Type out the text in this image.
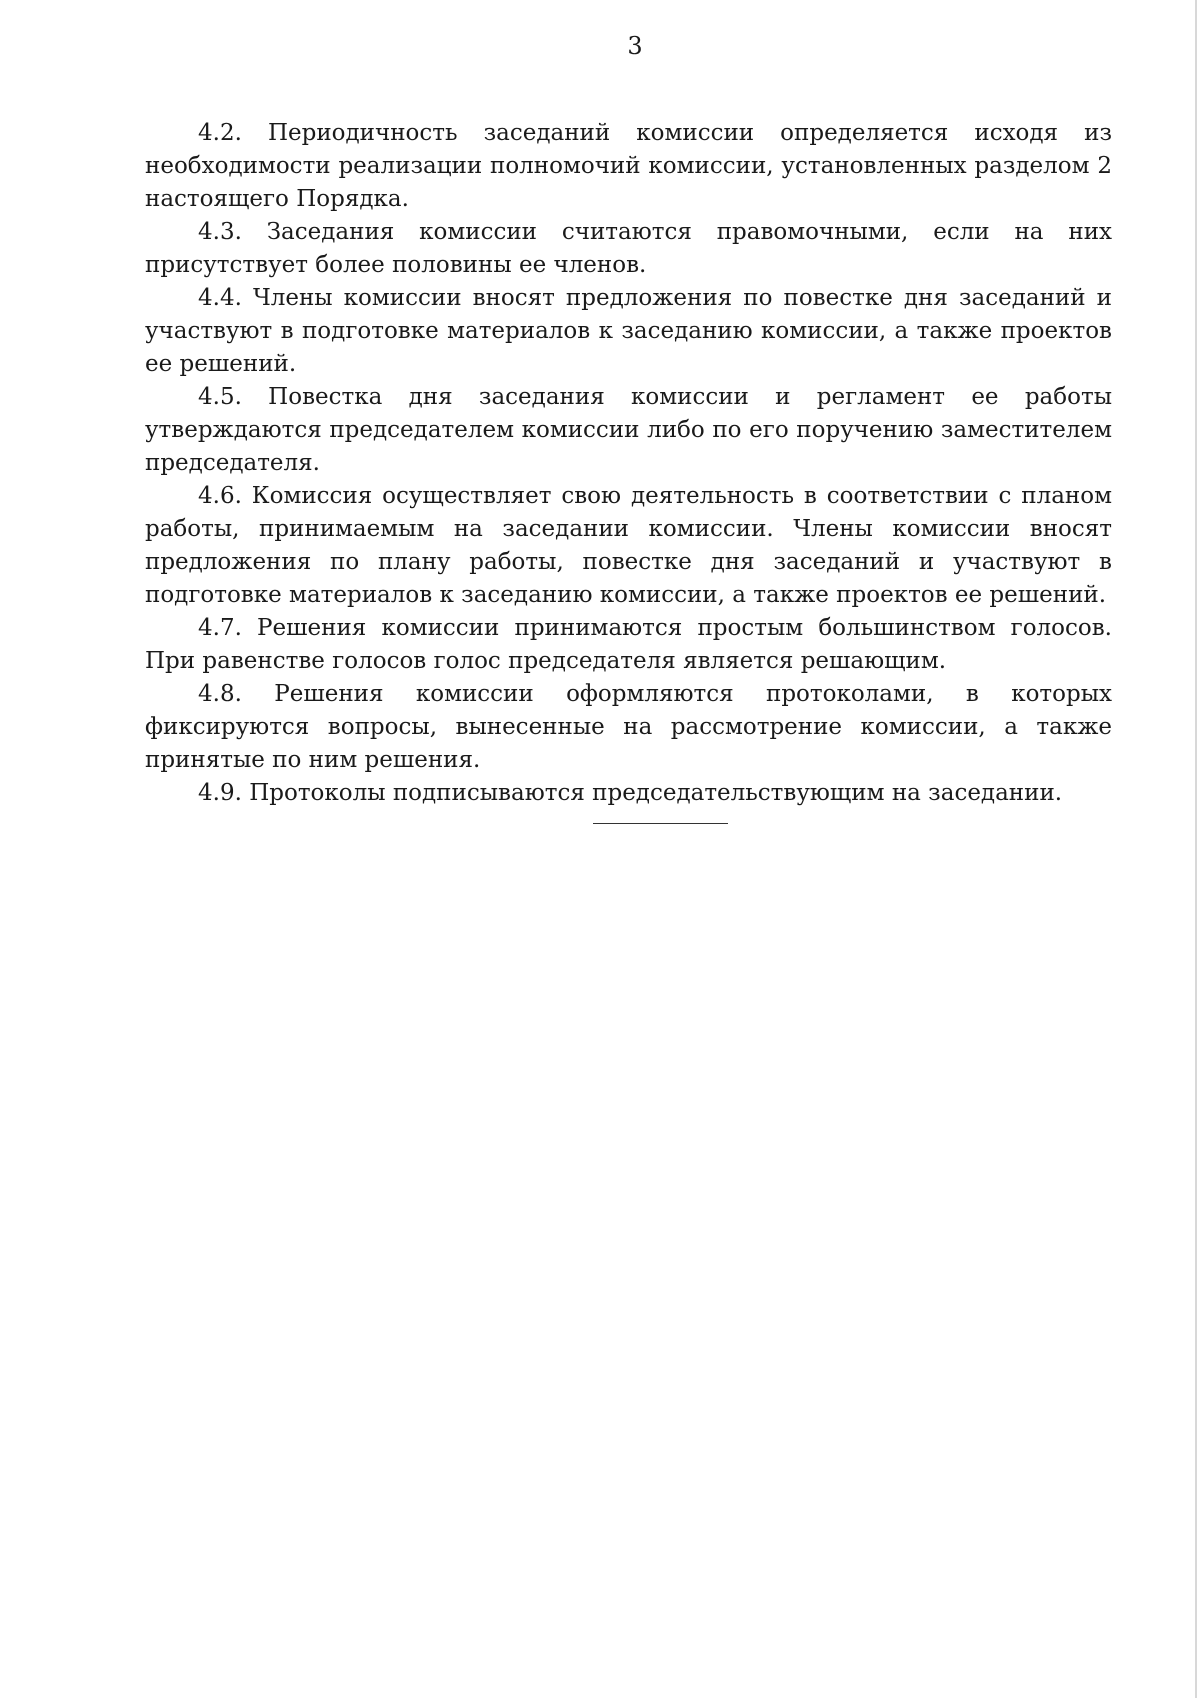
3

4.2. Периодичность заседаний комиссии определяется исходя из необходимости реализации полномочий комиссии, установленных разделом 2 настоящего Порядка.

4.3. Заседания комиссии считаются правомочными, если на них присутствует более половины ее членов.

4.4. Члены комиссии вносят предложения по повестке дня заседаний и участвуют в подготовке материалов к заседанию комиссии, а также проектов ее решений.

4.5. Повестка дня заседания комиссии и регламент ее работы утверждаются председателем комиссии либо по его поручению заместителем председателя.

4.6. Комиссия осуществляет свою деятельность в соответствии с планом работы, принимаемым на заседании комиссии. Члены комиссии вносят предложения по плану работы, повестке дня заседаний и участвуют в подготовке материалов к заседанию комиссии, а также проектов ее решений.

4.7. Решения комиссии принимаются простым большинством голосов. При равенстве голосов голос председателя является решающим.

4.8. Решения комиссии оформляются протоколами, в которых фиксируются вопросы, вынесенные на рассмотрение комиссии, а также принятые по ним решения.

4.9. Протоколы подписываются председательствующим на заседании.
